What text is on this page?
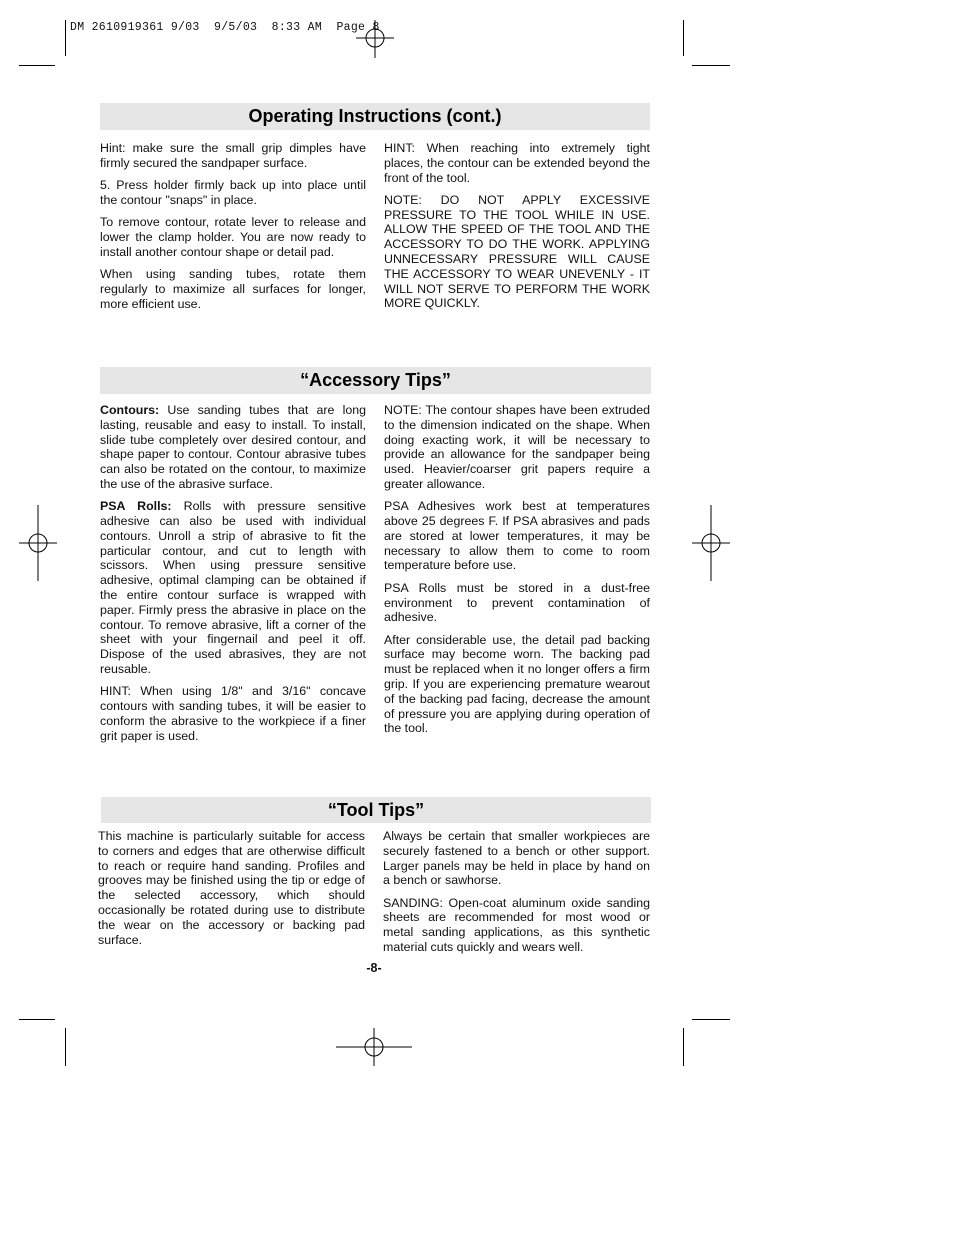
DM 2610919361 9/03  9/5/03  8:33 AM  Page 8
Operating Instructions (cont.)

Hint: make sure the small grip dimples have firmly secured the sandpaper surface.

5. Press holder firmly back up into place until the contour "snaps" in place.

To remove contour, rotate lever to release and lower the clamp holder. You are now ready to install another contour shape or detail pad.

When using sanding tubes, rotate them regularly to maximize all surfaces for longer, more efficient use.

HINT: When reaching into extremely tight places, the contour can be extended beyond the front of the tool.

NOTE: DO NOT APPLY EXCESSIVE PRESSURE TO THE TOOL WHILE IN USE. ALLOW THE SPEED OF THE TOOL AND THE ACCESSORY TO DO THE WORK. APPLYING UNNECESSARY PRESSURE WILL CAUSE THE ACCESSORY TO WEAR UNEVENLY - IT WILL NOT SERVE TO PERFORM THE WORK MORE QUICKLY.

“Accessory Tips”

Contours: Use sanding tubes that are long lasting, reusable and easy to install. To install, slide tube completely over desired contour, and shape paper to contour. Contour abrasive tubes can also be rotated on the contour, to maximize the use of the abrasive surface.

PSA Rolls: Rolls with pressure sensitive adhesive can also be used with individual contours. Unroll a strip of abrasive to fit the particular contour, and cut to length with scissors. When using pressure sensitive adhesive, optimal clamping can be obtained if the entire contour surface is wrapped with paper. Firmly press the abrasive in place on the contour. To remove abrasive, lift a corner of the sheet with your fingernail and peel it off. Dispose of the used abrasives, they are not reusable.

HINT: When using 1/8" and 3/16" concave contours with sanding tubes, it will be easier to conform the abrasive to the workpiece if a finer grit paper is used.

NOTE: The contour shapes have been extruded to the dimension indicated on the shape. When doing exacting work, it will be necessary to provide an allowance for the sandpaper being used. Heavier/coarser grit papers require a greater allowance.

PSA Adhesives work best at temperatures above 25 degrees F. If PSA abrasives and pads are stored at lower temperatures, it may be necessary to allow them to come to room temperature before use.

PSA Rolls must be stored in a dust-free environment to prevent contamination of adhesive.

After considerable use, the detail pad backing surface may become worn. The backing pad must be replaced when it no longer offers a firm grip. If you are experiencing premature wearout of the backing pad facing, decrease the amount of pressure you are applying during operation of the tool.

“Tool Tips”

This machine is particularly suitable for access to corners and edges that are otherwise difficult to reach or require hand sanding. Profiles and grooves may be finished using the tip or edge of the selected accessory, which should occasionally be rotated during use to distribute the wear on the accessory or backing pad surface.

Always be certain that smaller workpieces are securely fastened to a bench or other support. Larger panels may be held in place by hand on a bench or sawhorse.

SANDING: Open-coat aluminum oxide sanding sheets are recommended for most wood or metal sanding applications, as this synthetic material cuts quickly and wears well.

-8-
